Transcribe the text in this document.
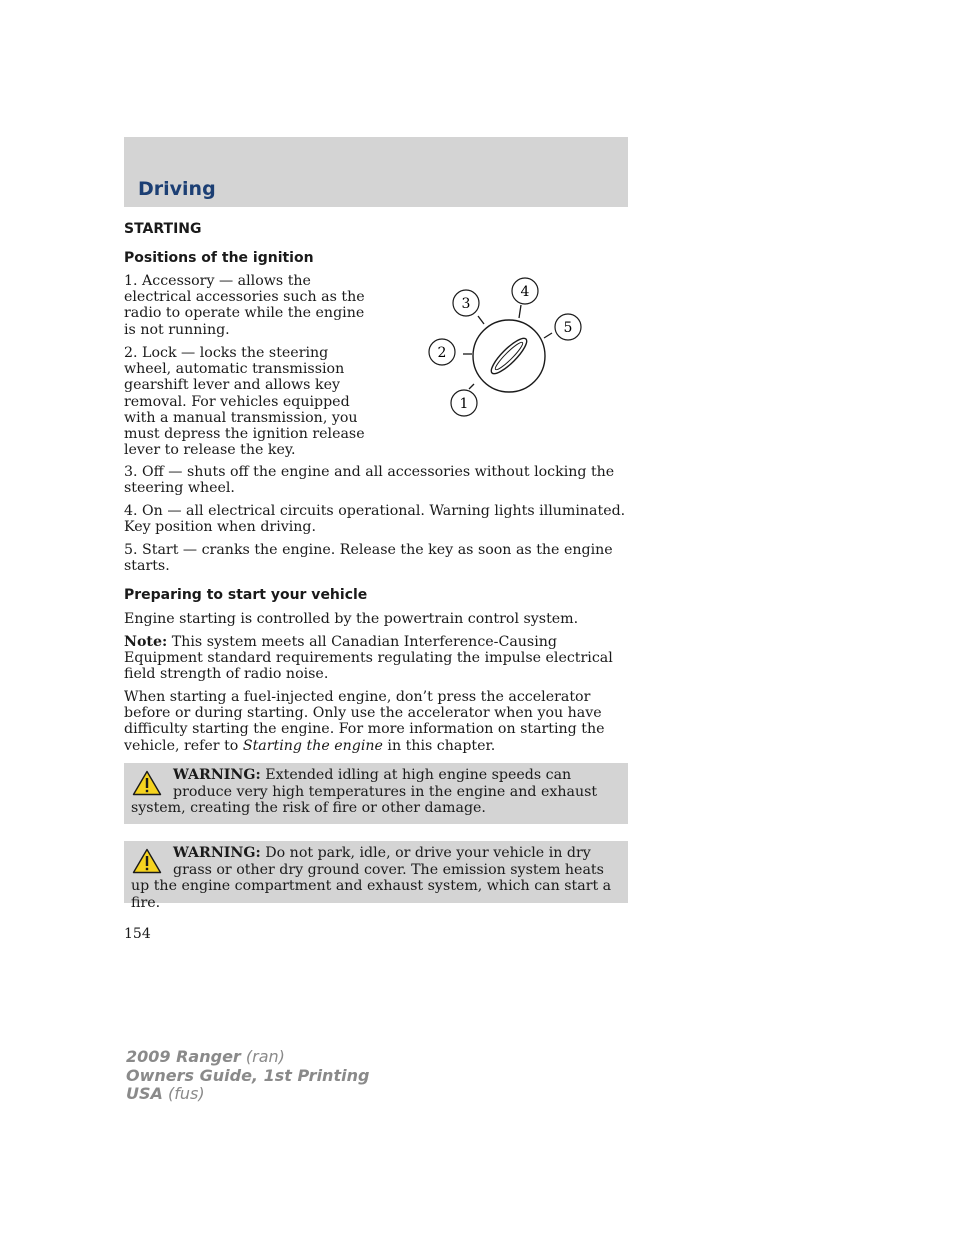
Driving
STARTING
Positions of the ignition

1. Accessory — allows the electrical accessories such as the radio to operate while the engine is not running.

2. Lock — locks the steering wheel, automatic transmission gearshift lever and allows key removal. For vehicles equipped with a manual transmission, you must depress the ignition release lever to release the key.

1
2
3
4
5

3. Off — shuts off the engine and all accessories without locking the steering wheel.

4. On — all electrical circuits operational. Warning lights illuminated. Key position when driving.

5. Start — cranks the engine. Release the key as soon as the engine starts.

Preparing to start your vehicle

Engine starting is controlled by the powertrain control system.

Note: This system meets all Canadian Interference-Causing Equipment standard requirements regulating the impulse electrical field strength of radio noise.

When starting a fuel-injected engine, don’t press the accelerator before or during starting. Only use the accelerator when you have difficulty starting the engine. For more information on starting the vehicle, refer to Starting the engine in this chapter.

WARNING: Extended idling at high engine speeds can produce very high temperatures in the engine and exhaust system, creating the risk of fire or other damage.

WARNING: Do not park, idle, or drive your vehicle in dry grass or other dry ground cover. The emission system heats up the engine compartment and exhaust system, which can start a fire.

154
2009 Ranger (ran)
Owners Guide, 1st Printing
USA (fus)
